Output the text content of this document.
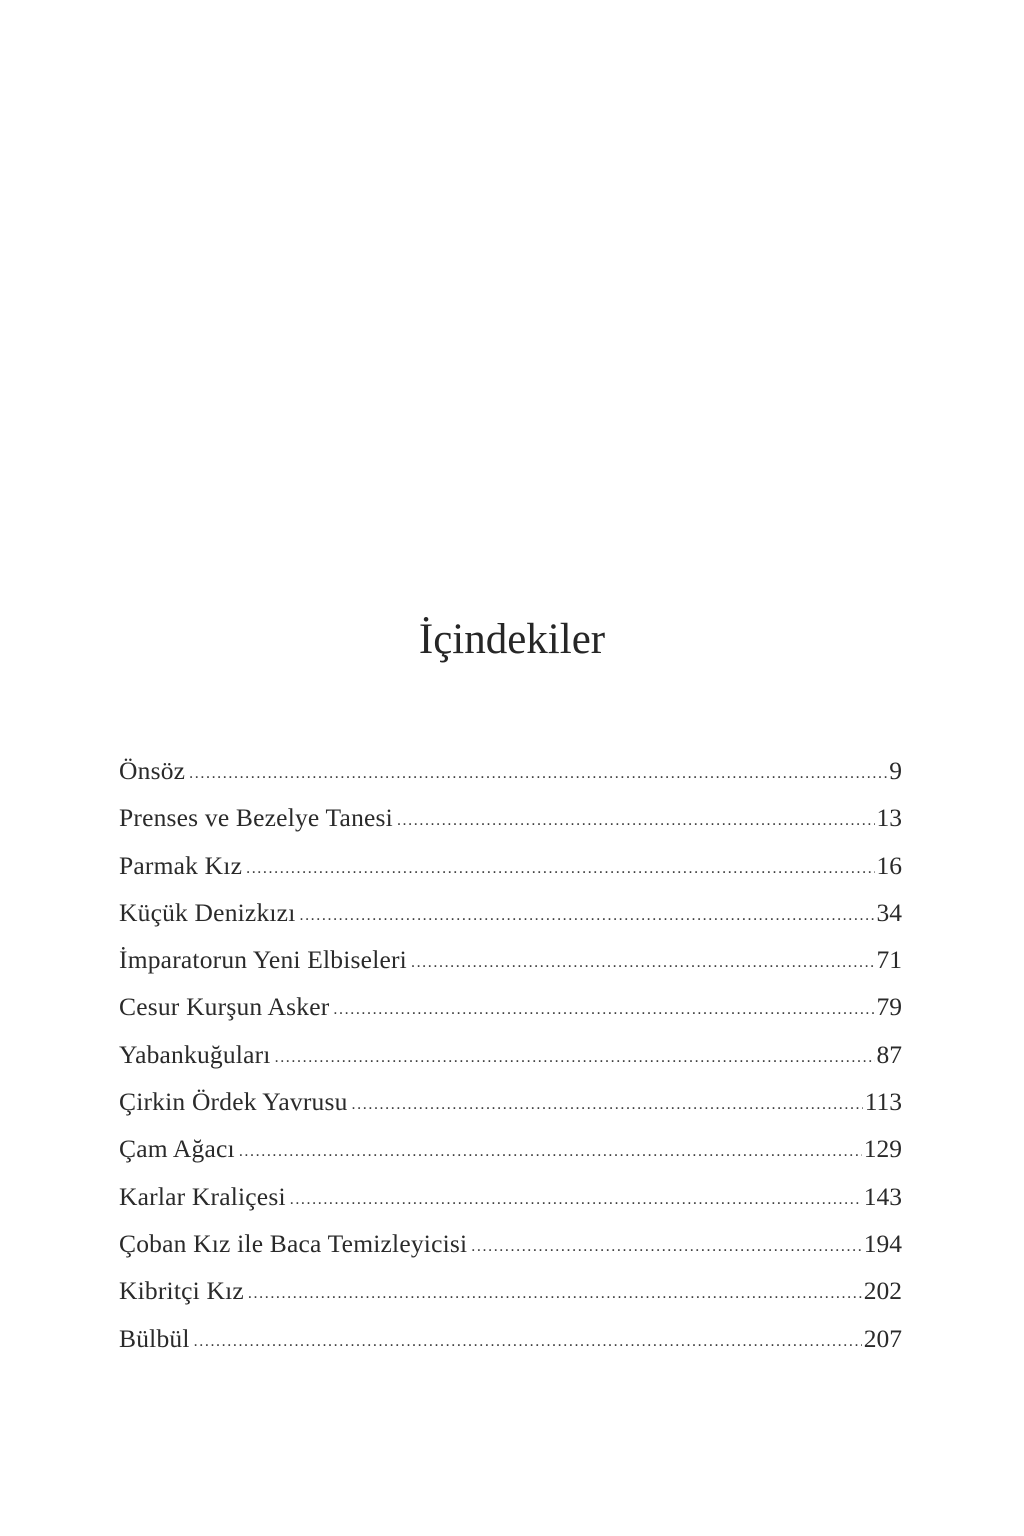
İçindekiler
Önsöz .....	9
Prenses ve Bezelye Tanesi .....	13
Parmak Kız .....	16
Küçük Denizkızı .....	34
İmparatorun Yeni Elbiseleri .....	71
Cesur Kurşun Asker .....	79
Yabankuğuları .....	87
Çirkin Ördek Yavrusu .....	113
Çam Ağacı .....	129
Karlar Kraliçesi .....	143
Çoban Kız ile Baca Temizleyicisi .....	194
Kibritçi Kız .....	202
Bülbül .....	207
